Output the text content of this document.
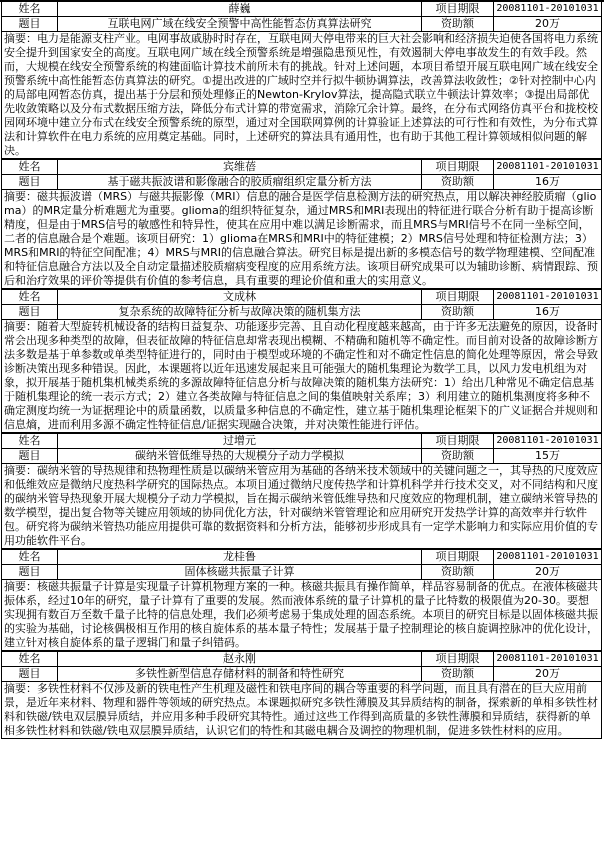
姓名	薛巍	项目期限	20081101-20101031
题目	互联电网广域在线安全预警中高性能暂态仿真算法研究	资助额	20万
摘要：电力是能源支柱产业。电网事故戚胁时时存在，互联电网大停电带来的巨大社会影响和经济损失迫使各国将电力系统安全提升到国家安全的高度。互联电网广域在线全预警系统是增强隐患预见性，有效遏制大停电事故发生的有效手段。然而，大规模在线安全预警系统的构建面临计算技术前所未有的挑战。针对上述问题，本项目希望开展互联电网广域在线安全预警系统中高性能暂态仿真算法的研究。①提出改进的广域时空并行拟牛顿协调算法，改善算法收敛性；②针对控制中心内的局部电网暂态仿真，提出基于分层和预处理修正的Newton-Krylov算法，提高隐式联立牛顿法计算效率；③提出局部优先收敛策略以及分布式数据压缩方法，降低分布式计算的带宽需求，消除冗余计算。最终，在分布式网络仿真平台和拢校校园网环境中建立分布式在线安全预警系统的原型，通过对全国联网算例的计算验证上述算法的可行性和有效性，为分布式算法和计算软件在电力系统的应用奠定基础。同时，上述研究的算法具有通用性，也有助于其他工程计算领域相似问题的解决。			
姓名	宾维蓓	项目期限	20081101-20101031
题目	基于磁共振波谱和影像融合的胶质瘤组织定量分析方法	资助额	16万
摘要：磁共振波谱（MRS）与磁共振影像（MRI）信息的融合是医学信息检测方法的研究热点，用以解决神经胶质瘤（glioma）的MR定量分析难题尤为重要。glioma的组织特征复杂，通过MRS和MRI表现出的特征进行联合分析有助于提高诊断精度，但是由于MRS信号的敏感性和特异性，使其在应用中难以满足诊断需求，而且MRS与MRI信号不在同一坐标空间，二者的信息融合是个难题。该项目研究：1）glioma在MRS和MRI中的特征建模；2）MRS信号处理和特征检测方法；3）MRS和MRI的特征空间配准；4）MRS与MRI的信息融合算法。研究目标是提出新的多模态信号的数学物理建模、空间配准和特征信息融合方法以及全自动定量描述胶质瘤病变程度的应用系统方法。该项目研究成果可以为辅助诊断、病情跟踪、预后和治疗效果的评价等提供有价值的参考信息，具有重要的理论价值和重大的实用意义。			
姓名	文成林	项目期限	20081101-20101031
题目	复杂系统的故障特征分析与故障决策的随机集方法	资助额	16万
摘要：随着大型旋转机械设备的结构日益复杂、功能逐步完善、且自动化程度越来越高，由于许多无法避免的原因，设备时常会出现多种类型的故障，但表征故障的特征信息却常表现出模糊、不精确和随机等不确定性。而目前对设备的故障诊断方法多数是基于单参数或单类型特征进行的，同时由于模型或环境的不确定性和对不确定性信息的简化处理等原因，常会导致诊断决策出现多种错误。因此，本课题将以近年迅速发展起来且可能强大的随机集理论为数学工具，以风力发电机组为对象，拟开展基于随机集机械类系统的多源故障特征信息分析与故障决策的随机集方法研究：1）给出几种常见不确定信息基于随机集理论的统一表示方式；2）建立各类故障与特征信息之间的集值映射关系库；3）利用建立的随机集测度将多种不确定测度均统一为证据理论中的质量函数，以质量多种信息的不确定性，建立基于随机集理论框架下的广义证据合并规则和信息熵，进而利用多源不确定性特征信息/证据实现融合决策，并对决策性能进行评估。			
姓名	过增元	项目期限	20081101-20101031
题目	碳纳米管低维导热的大规模分子动力学模拟	资助额	15万
摘要：碳纳米管的导热规律和热物理性质是以碳纳米管应用为基础的各纳米技术领域中的关键问题之一，其导热的尺度效应和低维效应是微纳尺度热科学研究的国际热点。本项目通过微纳尺度传热学和计算机科学并行技术交叉，对不同结构和尺度的碳纳米管导热现象开展大规模分子动力学模拟，旨在揭示碳纳米管低维导热和尺度效应的物理机制，建立碳纳米管导热的数学模型，提出复合物等关键应用领域的协同优化方法，针对碳纳米管管理论和应用研究开发热学计算的高效率并行软件包。研究将为碳纳米管热功能应用提供可靠的数据资料和分析方法，能够初步形成具有一定学术影响力和实际应用价值的专用功能软件平台。			
姓名	龙桂鲁	项目期限	20081101-20101031
题目	固体核磁共振量子计算	资助额	20万
摘要：核磁共振量子计算是实现量子计算机物理方案的一种。核磁共振具有操作简单，样品容易制备的优点。在液体核磁共振体系，经过10年的研究，量子计算有了重要的发展。然而液体系统的量子计算机的量子比特数的极限值为20-30。要想实现拥有数百万至数千量子比特的信息处理，我们必须考虑易于集成处理的固态系统。本项目的研究目标是以固体核磁共振的实验为基础，讨论核偶极相互作用的核自旋体系的基本量子特性；发展基于量子控制理论的核自旋调控脉冲的优化设计，建立针对核自旋体系的量子逻辑门和量子纠错码。			
姓名	赵永刚	项目期限	20081101-20101031
题目	多铁性新型信息存储材料的制备和特性研究	资助额	20万
摘要：多铁性材料不仅涉及新的铁电性产生机理及磁性和铁电序间的耦合等重要的科学问题，而且具有潜在的巨大应用前景，是近年来材料、物理和器件等领域的研究热点。本课题拟研究多铁性薄膜及其异质结构的制备，探索新的单相多铁性材料和铁磁/铁电双层膜异质结，并应用多种手段研究其特性。通过这些工作得到高质量的多铁性薄膜和异质结，获得新的单相多铁性材料和铁磁/铁电双层膜异质结，认识它们的特性和其磁电耦合及调控的物理机制，促进多铁性材料的应用。			
